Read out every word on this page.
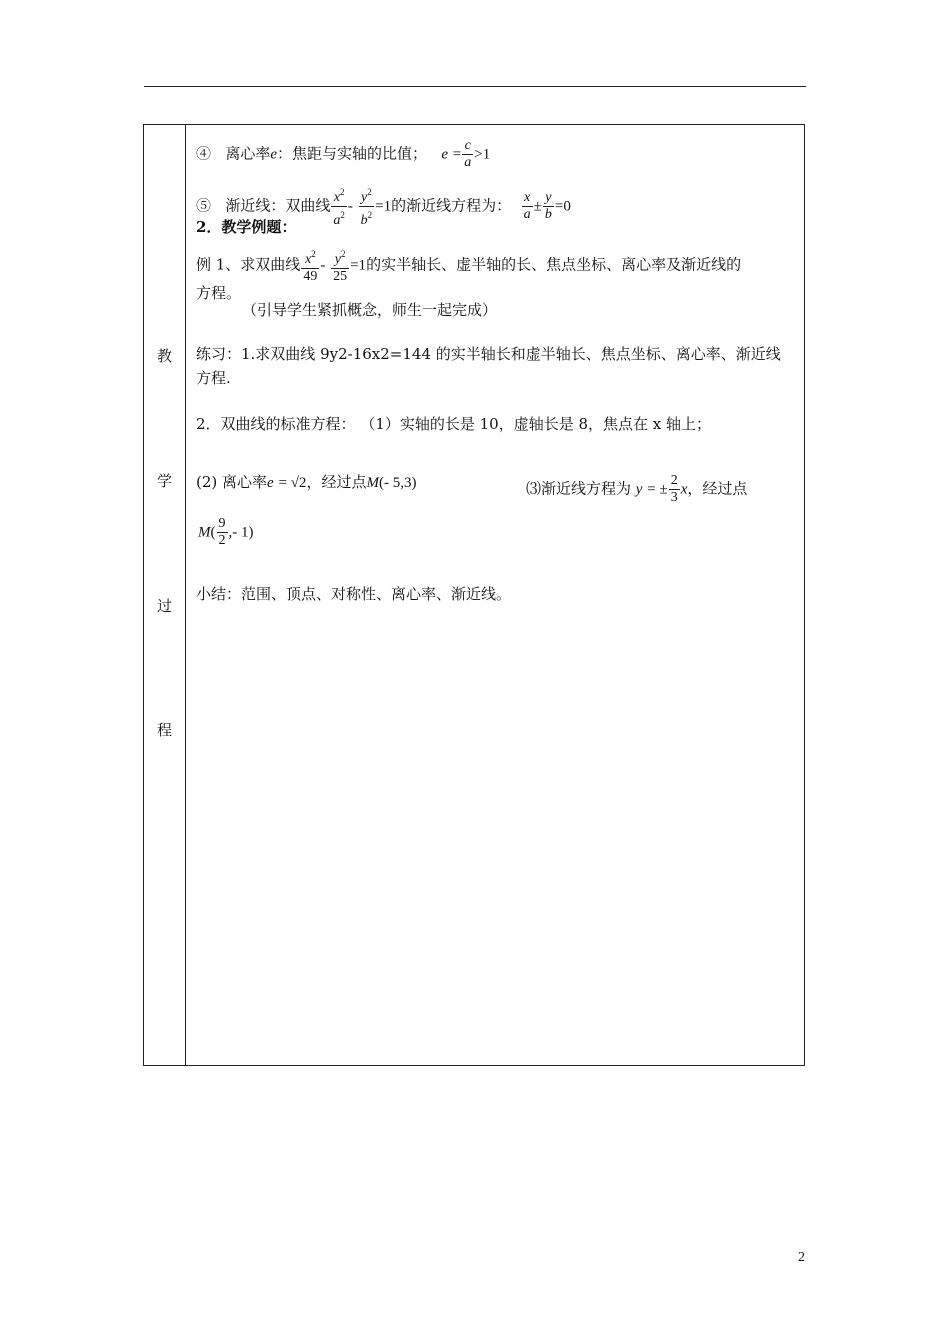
教
学
过
程
④ 离心率e：焦距与实轴的比值； $e = \frac{c}{a} >1$
⑤ 渐近线：双曲线 $\frac{x^2}{a^2} - \frac{y^2}{b^2} =1$的渐近线方程为： $\frac{x}{a} \pm \frac{y}{b} =0$
2．教学例题：
例 1、求双曲线 $\frac{x^2}{49} - \frac{y^2}{25} =1$的实半轴长、虚半轴的长、焦点坐标、离心率及渐近线的
方程。
（引导学生紧抓概念，师生一起完成）
练习：1.求双曲线 9y2-16x2=144 的实半轴长和虚半轴长、焦点坐标、离心率、渐近线
方程.
2．双曲线的标准方程： （1）实轴的长是 10，虚轴长是 8，焦点在 x 轴上；
(2) 离心率e = √2，经过点M(- 5,3)	⑶渐近线方程为 y = ± $\frac{2}{3}$ x，经过点
$M( \frac{9}{2}$ ,- 1)
小结：范围、顶点、对称性、离心率、渐近线。
2
